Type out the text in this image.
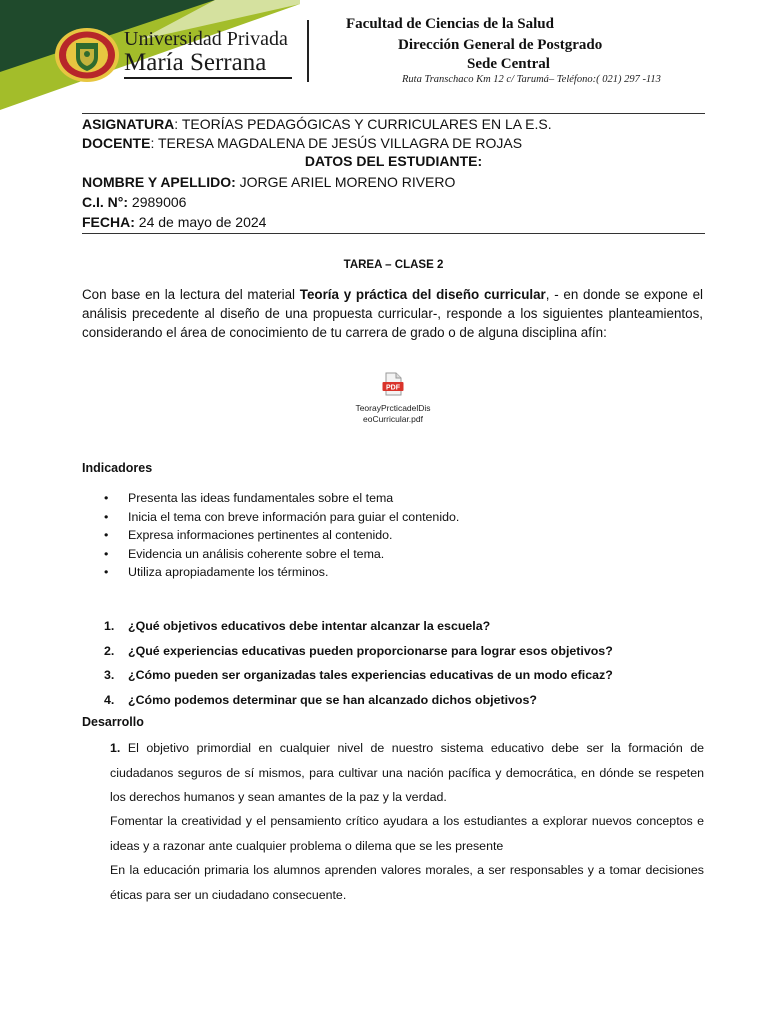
Universidad Privada
María Serrana
Facultad de Ciencias de la Salud
Dirección General de Postgrado
Sede Central
Ruta Transchaco Km 12 c/ Tarumá– Teléfono:( 021) 297 -113
ASIGNATURA: TEORÍAS PEDAGÓGICAS Y CURRICULARES EN LA E.S.
DOCENTE: TERESA MAGDALENA DE JESÚS VILLAGRA DE ROJAS
DATOS DEL ESTUDIANTE:
NOMBRE Y APELLIDO: JORGE ARIEL MORENO RIVERO
C.I. N°: 2989006
FECHA: 24 de mayo de 2024
TAREA – CLASE 2
Con base en la lectura del material Teoría y práctica del diseño curricular, - en donde se expone el análisis precedente al diseño de una propuesta curricular-, responde a los siguientes planteamientos, considerando el área de conocimiento de tu carrera de grado o de alguna disciplina afín:
PDF
TeorayPrcticadelDis
eoCurricular.pdf
Indicadores
• Presenta las ideas fundamentales sobre el tema
• Inicia el tema con breve información para guiar el contenido.
• Expresa informaciones pertinentes al contenido.
• Evidencia un análisis coherente sobre el tema.
• Utiliza apropiadamente los términos.
1. ¿Qué objetivos educativos debe intentar alcanzar la escuela?
2. ¿Qué experiencias educativas pueden proporcionarse para lograr esos objetivos?
3. ¿Cómo pueden ser organizadas tales experiencias educativas de un modo eficaz?
4. ¿Cómo podemos determinar que se han alcanzado dichos objetivos?
Desarrollo
1. El objetivo primordial en cualquier nivel de nuestro sistema educativo debe ser la formación de ciudadanos seguros de sí mismos, para cultivar una nación pacífica y democrática, en dónde se respeten los derechos humanos y sean amantes de la paz y la verdad.
Fomentar la creatividad y el pensamiento crítico ayudara a los estudiantes a explorar nuevos conceptos e ideas y a razonar ante cualquier problema o dilema que se les presente
En la educación primaria los alumnos aprenden valores morales, a ser responsables y a tomar decisiones éticas para ser un ciudadano consecuente.
